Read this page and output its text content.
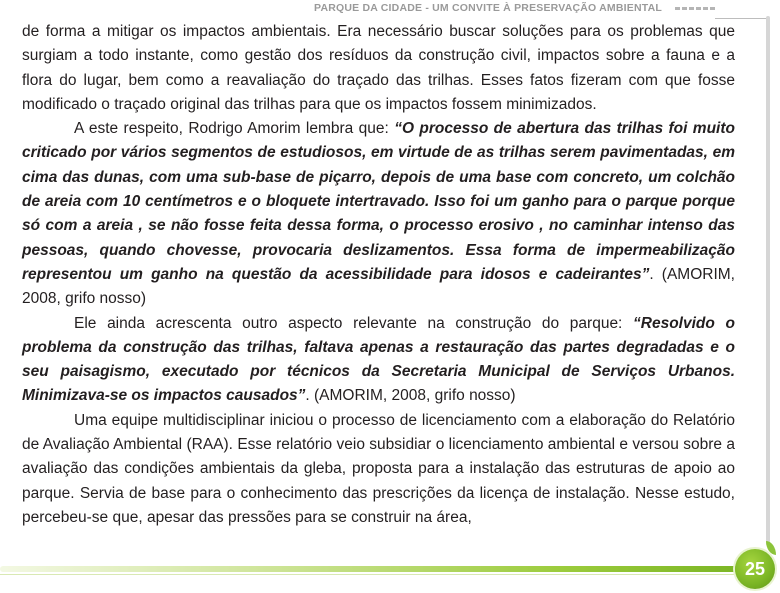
PARQUE DA CIDADE - UM CONVITE À PRESERVAÇÃO AMBIENTAL

de forma a mitigar os impactos ambientais. Era necessário buscar soluções para os problemas que surgiam a todo instante, como gestão dos resíduos da construção civil, impactos sobre a fauna e a flora do lugar, bem como a reavaliação do traçado das trilhas. Esses fatos fizeram com que fosse modificado o traçado original das trilhas para que os impactos fossem minimizados.

A este respeito, Rodrigo Amorim lembra que: “O processo de abertura das trilhas foi muito criticado por vários segmentos de estudiosos, em virtude de as trilhas serem pavimentadas, em cima das dunas, com uma sub-base de piçarro, depois de uma base com concreto, um colchão de areia com 10 centímetros e o bloquete intertravado. Isso foi um ganho para o parque porque só com a areia , se não fosse feita dessa forma, o processo erosivo , no caminhar intenso das pessoas, quando chovesse, provocaria deslizamentos. Essa forma de impermeabilização representou um ganho na questão da acessibilidade para idosos e cadeirantes”. (AMORIM, 2008, grifo nosso)

Ele ainda acrescenta outro aspecto relevante na construção do parque: “Resolvido o problema da construção das trilhas, faltava apenas a restauração das partes degradadas e o seu paisagismo, executado por técnicos da Secretaria Municipal de Serviços Urbanos. Minimizava-se os impactos causados”. (AMORIM, 2008, grifo nosso)

Uma equipe multidisciplinar iniciou o processo de licenciamento com a elaboração do Relatório de Avaliação Ambiental (RAA). Esse relatório veio subsidiar o licenciamento ambiental e versou sobre a avaliação das condições ambientais da gleba, proposta para a instalação das estruturas de apoio ao parque. Servia de base para o conhecimento das prescrições da licença de instalação. Nesse estudo, percebeu-se que, apesar das pressões para se construir na área,

25
